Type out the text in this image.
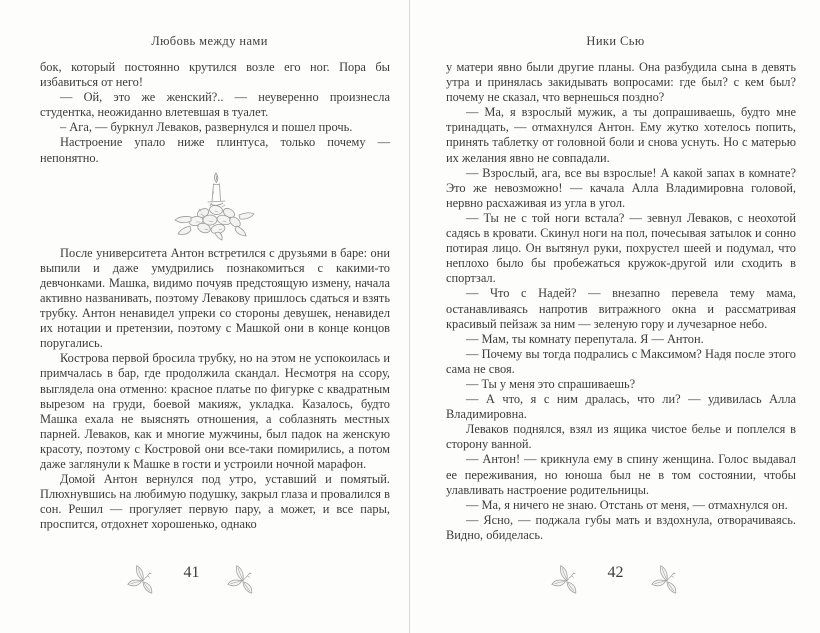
Любовь между нами

бок, который постоянно крутился возле его ног. Пора бы избавиться от него!

— Ой, это же женский?.. — неуверенно произнесла студентка, неожиданно влетевшая в туалет.

– Ага, — буркнул Леваков, развернулся и пошел прочь.

Настроение упало ниже плинтуса, только почему — непонятно.

После университета Антон встретился с друзьями в баре: они выпили и даже умудрились познакомиться с какими-то девчонками. Машка, видимо почуяв предстоящую измену, начала активно названивать, поэтому Левакову пришлось сдаться и взять трубку. Антон ненавидел упреки со стороны девушек, ненавидел их нотации и претензии, поэтому с Машкой они в конце концов поругались.

Кострова первой бросила трубку, но на этом не успокоилась и примчалась в бар, где продолжила скандал. Несмотря на ссору, выглядела она отменно: красное платье по фигурке с квадратным вырезом на груди, боевой макияж, укладка. Казалось, будто Машка ехала не выяснять отношения, а соблазнять местных парней. Леваков, как и многие мужчины, был падок на женскую красоту, поэтому с Костровой они все-таки помирились, а потом даже заглянули к Машке в гости и устроили ночной марафон.

Домой Антон вернулся под утро, уставший и помятый. Плюхнувшись на любимую подушку, закрыл глаза и провалился в сон. Решил — прогуляет первую пару, а может, и все пары, проспится, отдохнет хорошенько, однако

41
Ники Сью

у матери явно были другие планы. Она разбудила сына в девять утра и принялась закидывать вопросами: где был? с кем был? почему не сказал, что вернешься поздно?

— Ма, я взрослый мужик, а ты допрашиваешь, будто мне тринадцать, — отмахнулся Антон. Ему жутко хотелось попить, принять таблетку от головной боли и снова уснуть. Но с матерью их желания явно не совпадали.

— Взрослый, ага, все вы взрослые! А какой запах в комнате? Это же невозможно! — качала Алла Владимировна головой, нервно расхаживая из угла в угол.

— Ты не с той ноги встала? — зевнул Леваков, с неохотой садясь в кровати. Скинул ноги на пол, почесывая затылок и сонно потирая лицо. Он вытянул руки, похрустел шеей и подумал, что неплохо было бы пробежаться кружок-другой или сходить в спортзал.

— Что с Надей? — внезапно перевела тему мама, останавливаясь напротив витражного окна и рассматривая красивый пейзаж за ним — зеленую гору и лучезарное небо.

— Мам, ты комнату перепутала. Я — Антон.

— Почему вы тогда подрались с Максимом? Надя после этого сама не своя.

— Ты у меня это спрашиваешь?

— А что, я с ним дралась, что ли? — удивилась Алла Владимировна.

Леваков поднялся, взял из ящика чистое белье и поплелся в сторону ванной.

— Антон! — крикнула ему в спину женщина. Голос выдавал ее переживания, но юноша был не в том состоянии, чтобы улавливать настроение родительницы.

— Ма, я ничего не знаю. Отстань от меня, — отмахнулся он.

— Ясно, — поджала губы мать и вздохнула, отворачиваясь. Видно, обиделась.

42
